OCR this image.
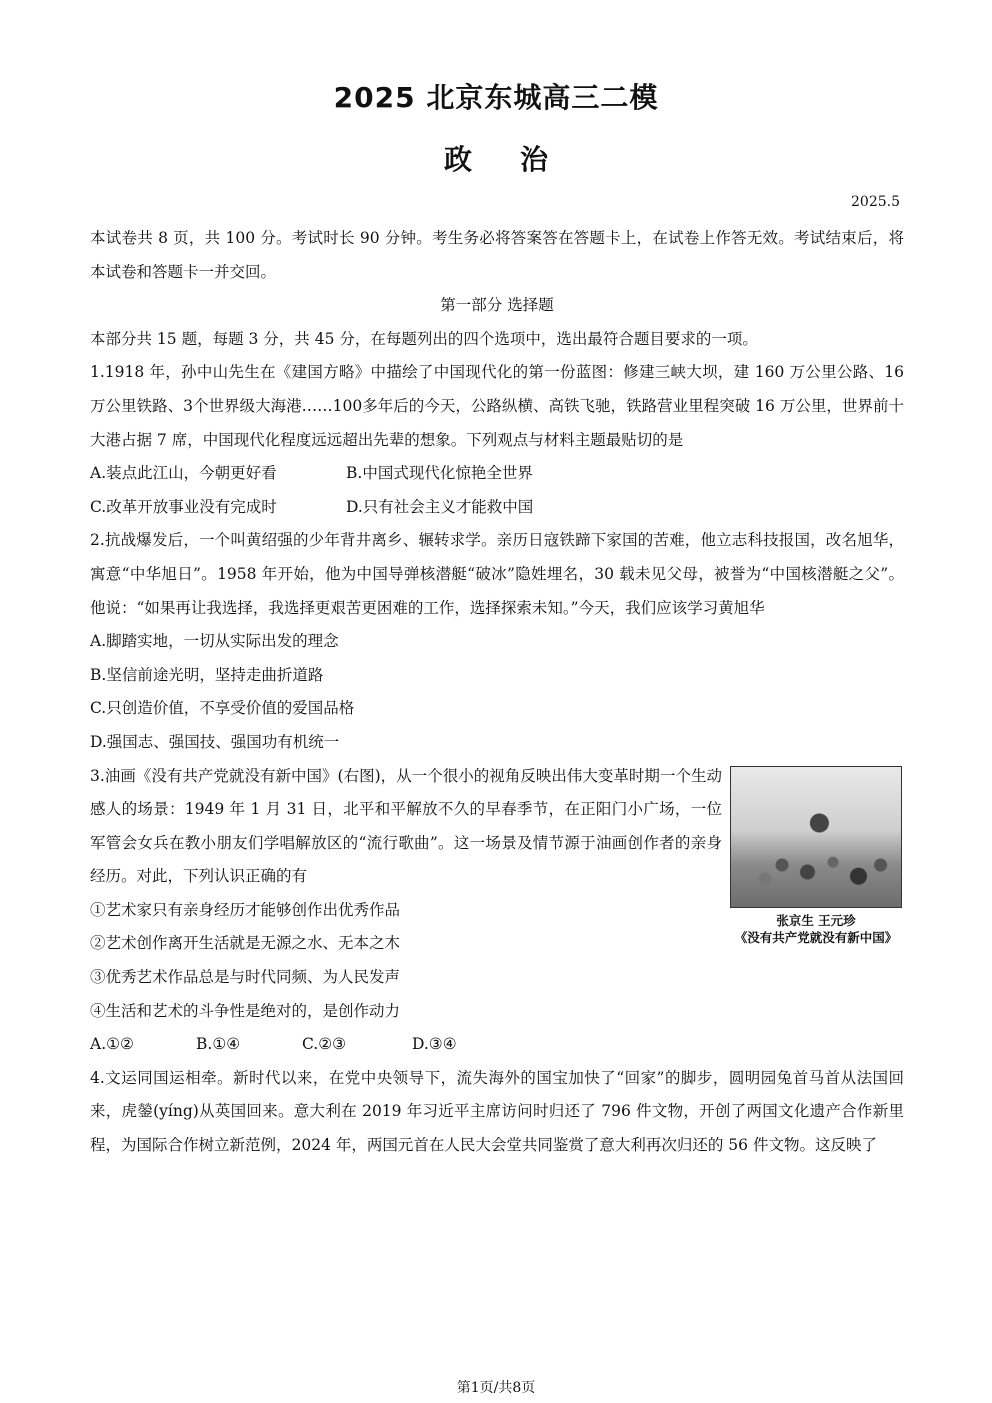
2025 北京东城高三二模
政治
2025.5

本试卷共 8 页，共 100 分。考试时长 90 分钟。考生务必将答案答在答题卡上，在试卷上作答无效。考试结束后，将本试卷和答题卡一并交回。

第一部分 选择题

本部分共 15 题，每题 3 分，共 45 分，在每题列出的四个选项中，选出最符合题目要求的一项。

1.1918 年，孙中山先生在《建国方略》中描绘了中国现代化的第一份蓝图：修建三峡大坝，建 160 万公里公路、16万公里铁路、3个世界级大海港……100多年后的今天，公路纵横、高铁飞驰，铁路营业里程突破 16 万公里，世界前十大港占据 7 席，中国现代化程度远远超出先辈的想象。下列观点与材料主题最贴切的是

A.装点此江山，今朝更好看	B.中国式现代化惊艳全世界
C.改革开放事业没有完成时	D.只有社会主义才能救中国

2.抗战爆发后，一个叫黄绍强的少年背井离乡、辗转求学。亲历日寇铁蹄下家国的苦难，他立志科技报国，改名旭华，寓意“中华旭日”。1958 年开始，他为中国导弹核潜艇“破冰”隐姓埋名，30 载未见父母，被誉为“中国核潜艇之父”。他说：“如果再让我选择，我选择更艰苦更困难的工作，选择探索未知。”今天，我们应该学习黄旭华

A.脚踏实地，一切从实际出发的理念

B.坚信前途光明，坚持走曲折道路

C.只创造价值，不享受价值的爱国品格

D.强国志、强国技、强国功有机统一

3.油画《没有共产党就没有新中国》(右图)，从一个很小的视角反映出伟大变革时期一个生动感人的场景：1949 年 1 月 31 日，北平和平解放不久的早春季节，在正阳门小广场，一位军管会女兵在教小朋友们学唱解放区的“流行歌曲”。这一场景及情节源于油画创作者的亲身经历。对此，下列认识正确的有

①艺术家只有亲身经历才能够创作出优秀作品

②艺术创作离开生活就是无源之水、无本之木

③优秀艺术作品总是与时代同频、为人民发声

④生活和艺术的斗争性是绝对的，是创作动力

A.①②	B.①④	C.②③	D.③④
张京生 王元珍
《没有共产党就没有新中国》

4.文运同国运相牵。新时代以来，在党中央领导下，流失海外的国宝加快了“回家”的脚步，圆明园兔首马首从法国回来，虎鎣(yíng)从英国回来。意大利在 2019 年习近平主席访问时归还了 796 件文物，开创了两国文化遗产合作新里程，为国际合作树立新范例，2024 年，两国元首在人民大会堂共同鉴赏了意大利再次归还的 56 件文物。这反映了

第1页/共8页
